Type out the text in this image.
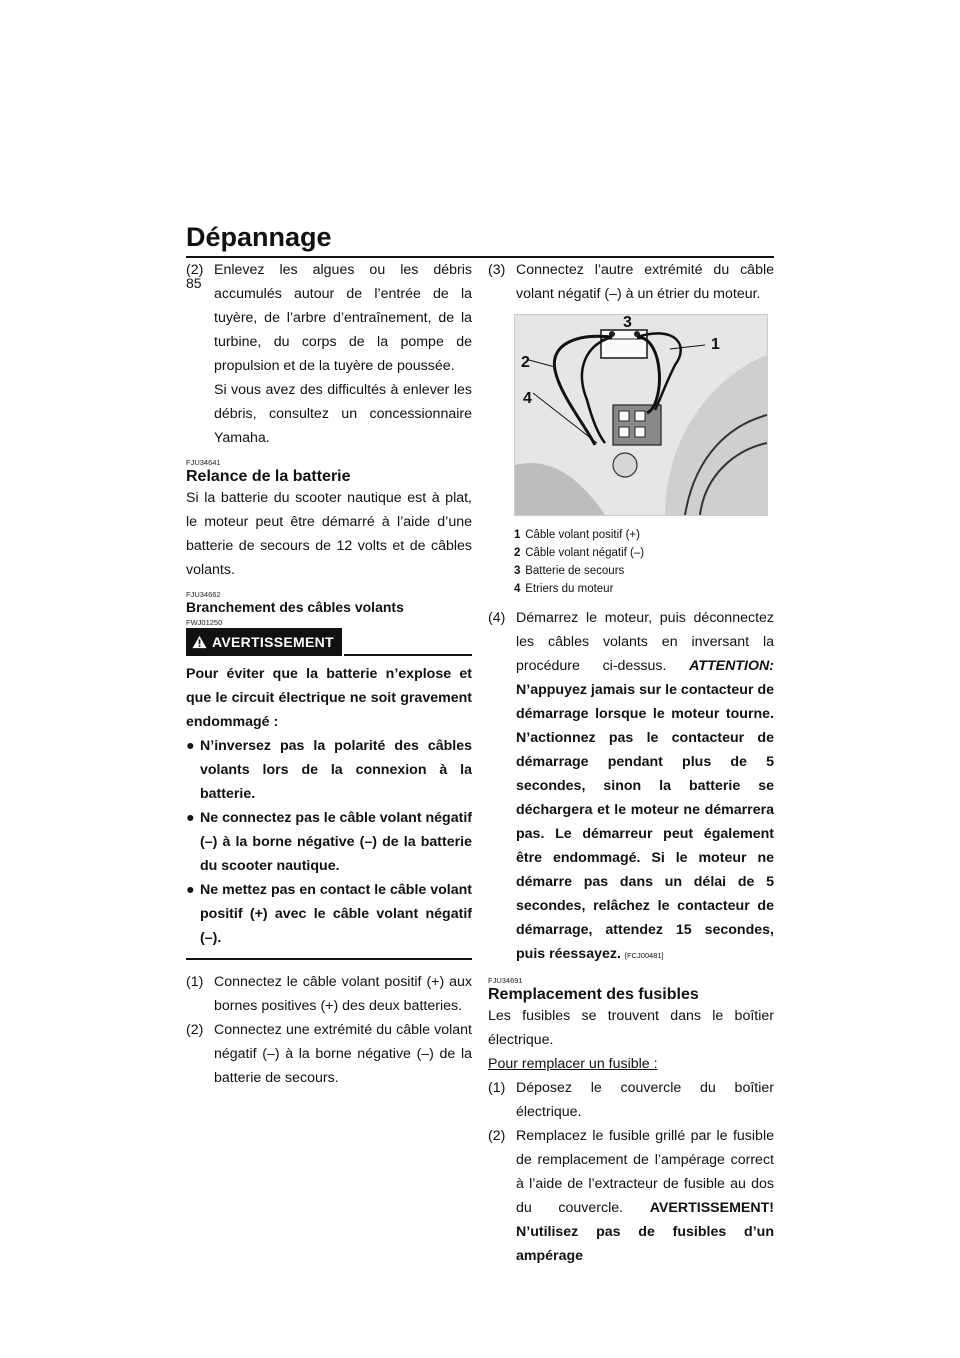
Dépannage
85
(2) Enlevez les algues ou les débris accumulés autour de l’entrée de la tuyère, de l’arbre d’entraînement, de la turbine, du corps de la pompe de propulsion et de la tuyère de poussée.

Si vous avez des difficultés à enlever les débris, consultez un concessionnaire Yamaha.

FJU34641
Relance de la batterie

Si la batterie du scooter nautique est à plat, le moteur peut être démarré à l’aide d’une batterie de secours de 12 volts et de câbles volants.

FJU34662
Branchement des câbles volants
FWJ01250
AVERTISSEMENT

Pour éviter que la batterie n’explose et que le circuit électrique ne soit gravement endommagé :

● N’inversez pas la polarité des câbles volants lors de la connexion à la batterie.
● Ne connectez pas le câble volant négatif (–) à la borne négative (–) de la batterie du scooter nautique.
● Ne mettez pas en contact le câble volant positif (+) avec le câble volant négatif (–).
(1) Connectez le câble volant positif (+) aux bornes positives (+) des deux batteries.

(2) Connectez une extrémité du câble volant négatif (–) à la borne négative (–) de la batterie de secours.

(3) Connectez l’autre extrémité du câble volant négatif (–) à un étrier du moteur.

2
4
3
1
1 Câble volant positif (+)
2 Câble volant négatif (–)
3 Batterie de secours
4 Etriers du moteur
(4) Démarrez le moteur, puis déconnectez les câbles volants en inversant la procédure ci-dessus. ATTENTION: N’appuyez jamais sur le contacteur de démarrage lorsque le moteur tourne. N’actionnez pas le contacteur de démarrage pendant plus de 5 secondes, sinon la batterie se déchargera et le moteur ne démarrera pas. Le démarreur peut également être endommagé. Si le moteur ne démarre pas dans un délai de 5 secondes, relâchez le contacteur de démarrage, attendez 15 secondes, puis réessayez. [FCJ00481]

FJU34691
Remplacement des fusibles

Les fusibles se trouvent dans le boîtier électrique.

Pour remplacer un fusible :

(1) Déposez le couvercle du boîtier électrique.

(2) Remplacez le fusible grillé par le fusible de remplacement de l’ampérage correct à l’aide de l’extracteur de fusible au dos du couvercle. AVERTISSEMENT! N’utilisez pas de fusibles d’un ampérage
